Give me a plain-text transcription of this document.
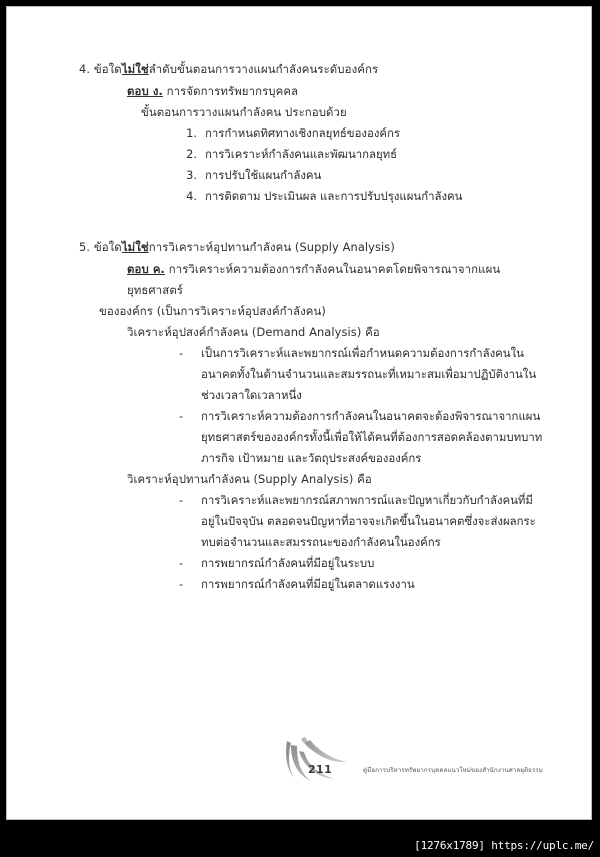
4. ข้อใดไม่ใช่ลำดับขั้นตอนการวางแผนกำลังคนระดับองค์กร
ตอบ ง. การจัดการทรัพยากรบุคคล
ขั้นตอนการวางแผนกำลังคน ประกอบด้วย
1. การกำหนดทิศทางเชิงกลยุทธ์ขององค์กร
2. การวิเคราะห์กำลังคนและพัฒนากลยุทธ์
3. การปรับใช้แผนกำลังคน
4. การติดตาม ประเมินผล และการปรับปรุงแผนกำลังคน
5. ข้อใดไม่ใช่การวิเคราะห์อุปทานกำลังคน (Supply Analysis)
ตอบ ค. การวิเคราะห์ความต้องการกำลังคนในอนาคตโดยพิจารณาจากแผนยุทธศาสตร์
ขององค์กร (เป็นการวิเคราะห์อุปสงค์กำลังคน)
วิเคราะห์อุปสงค์กำลังคน (Demand Analysis) คือ
- เป็นการวิเคราะห์และพยากรณ์เพื่อกำหนดความต้องการกำลังคนในอนาคตทั้งในด้านจำนวนและสมรรถนะที่เหมาะสมเพื่อมาปฏิบัติงานในช่วงเวลาใดเวลาหนึ่ง
- การวิเคราะห์ความต้องการกำลังคนในอนาคตจะต้องพิจารณาจากแผนยุทธศาสตร์ขององค์กรทั้งนี้เพื่อให้ได้คนที่ต้องการสอดคล้องตามบทบาทภารกิจ เป้าหมาย และวัตถุประสงค์ขององค์กร
วิเคราะห์อุปทานกำลังคน (Supply Analysis) คือ
- การวิเคราะห์และพยากรณ์สภาพการณ์และปัญหาเกี่ยวกับกำลังคนที่มีอยู่ในปัจจุบัน ตลอดจนปัญหาที่อาจจะเกิดขึ้นในอนาคตซึ่งจะส่งผลกระทบต่อจำนวนและสมรรถนะของกำลังคนในองค์กร
- การพยากรณ์กำลังคนที่มีอยู่ในระบบ
- การพยากรณ์กำลังคนที่มีอยู่ในตลาดแรงงาน
211	คู่มือการบริหารทรัพยากรบุคคลแนวใหม่ของสำนักงานศาลยุติธรรม
[1276x1789] https://uplc.me/
